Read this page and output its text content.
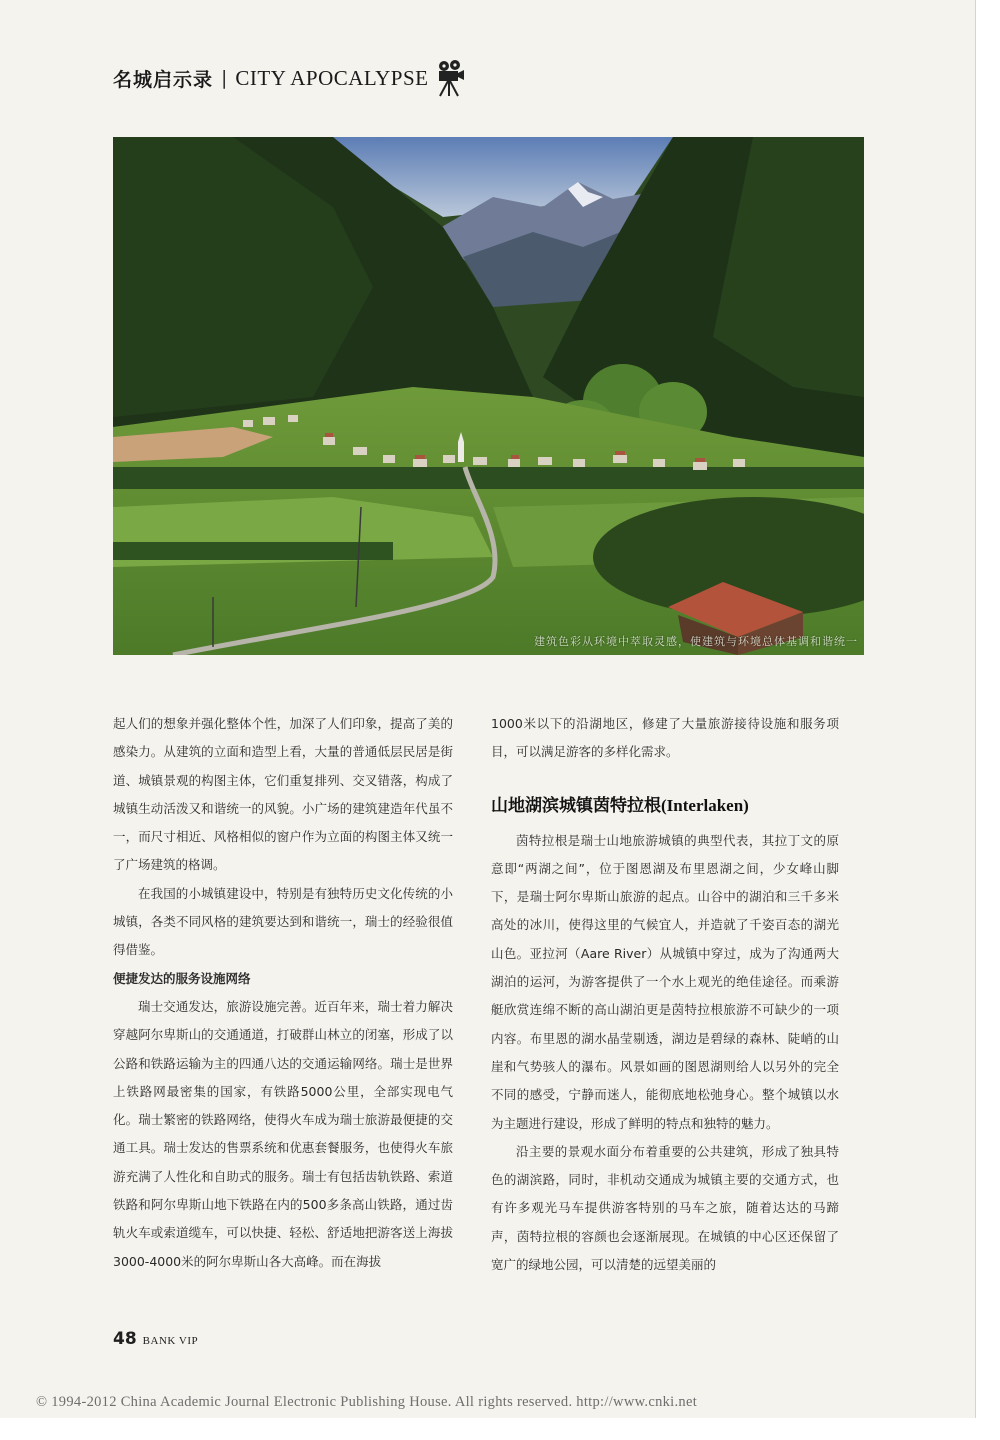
名城启示录 | CITY APOCALYPSE
建筑色彩从环境中萃取灵感，使建筑与环境总体基调和谐统一

起人们的想象并强化整体个性，加深了人们印象，提高了美的感染力。从建筑的立面和造型上看，大量的普通低层民居是街道、城镇景观的构图主体，它们重复排列、交叉错落，构成了城镇生动活泼又和谐统一的风貌。小广场的建筑建造年代虽不一，而尺寸相近、风格相似的窗户作为立面的构图主体又统一了广场建筑的格调。

在我国的小城镇建设中，特别是有独特历史文化传统的小城镇，各类不同风格的建筑要达到和谐统一，瑞士的经验很值得借鉴。

便捷发达的服务设施网络

瑞士交通发达，旅游设施完善。近百年来，瑞士着力解决穿越阿尔卑斯山的交通通道，打破群山林立的闭塞，形成了以公路和铁路运输为主的四通八达的交通运输网络。瑞士是世界上铁路网最密集的国家，有铁路5000公里，全部实现电气化。瑞士繁密的铁路网络，使得火车成为瑞士旅游最便捷的交通工具。瑞士发达的售票系统和优惠套餐服务，也使得火车旅游充满了人性化和自助式的服务。瑞士有包括齿轨铁路、索道铁路和阿尔卑斯山地下铁路在内的500多条高山铁路，通过齿轨火车或索道缆车，可以快捷、轻松、舒适地把游客送上海拔3000-4000米的阿尔卑斯山各大高峰。而在海拔

1000米以下的沿湖地区，修建了大量旅游接待设施和服务项目，可以满足游客的多样化需求。

山地湖滨城镇茵特拉根(Interlaken)

茵特拉根是瑞士山地旅游城镇的典型代表，其拉丁文的原意即“两湖之间”，位于图恩湖及布里恩湖之间，少女峰山脚下，是瑞士阿尔卑斯山旅游的起点。山谷中的湖泊和三千多米高处的冰川，使得这里的气候宜人，并造就了千姿百态的湖光山色。亚拉河（Aare River）从城镇中穿过，成为了沟通两大湖泊的运河，为游客提供了一个水上观光的绝佳途径。而乘游艇欣赏连绵不断的高山湖泊更是茵特拉根旅游不可缺少的一项内容。布里恩的湖水晶莹剔透，湖边是碧绿的森林、陡峭的山崖和气势骇人的瀑布。风景如画的图恩湖则给人以另外的完全不同的感受，宁静而迷人，能彻底地松弛身心。整个城镇以水为主题进行建设，形成了鲜明的特点和独特的魅力。

沿主要的景观水面分布着重要的公共建筑，形成了独具特色的湖滨路，同时，非机动交通成为城镇主要的交通方式，也有许多观光马车提供游客特别的马车之旅，随着达达的马蹄声，茵特拉根的容颜也会逐渐展现。在城镇的中心区还保留了宽广的绿地公园，可以清楚的远望美丽的

48 BANK VIP
© 1994-2012 China Academic Journal Electronic Publishing House. All rights reserved. http://www.cnki.net
